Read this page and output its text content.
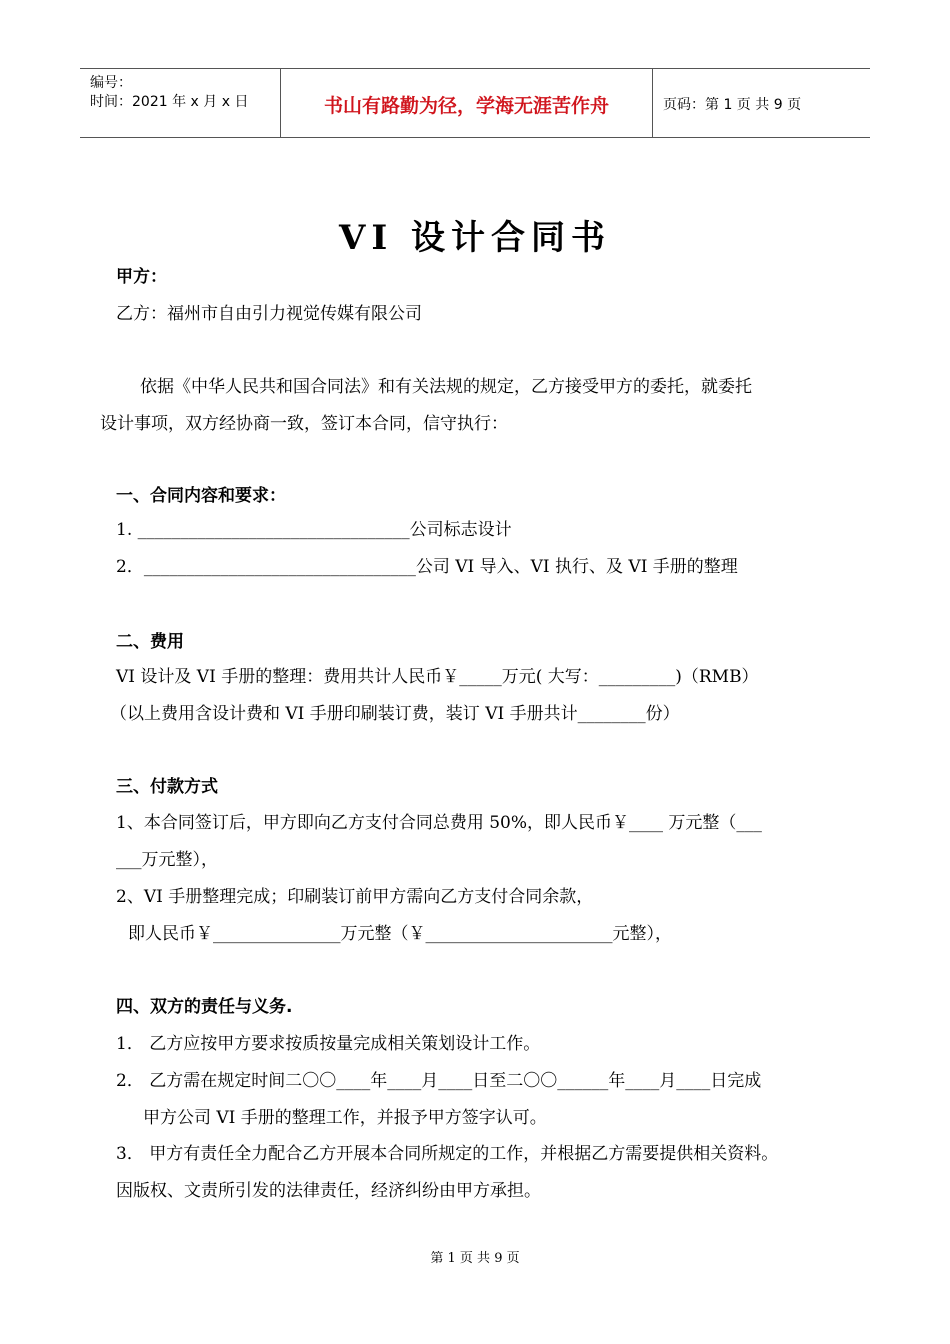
编号：
时间：2021 年 x 月 x 日	书山有路勤为径，学海无涯苦作舟	页码：第 1 页 共 9 页
VI 设计合同书
甲方：
乙方：福州市自由引力视觉传媒有限公司
依据《中华人民共和国合同法》和有关法规的规定，乙方接受甲方的委托，就委托
设计事项，双方经协商一致，签订本合同，信守执行：
一、合同内容和要求：
1. ________________________________公司标志设计
2．________________________________公司 VI 导入、VI 执行、及 VI 手册的整理
二、费用
VI 设计及 VI 手册的整理：费用共计人民币￥_____万元( 大写：_________)（RMB）
（以上费用含设计费和 VI 手册印刷装订费，装订 VI 手册共计________份）
三、付款方式
1、本合同签订后，甲方即向乙方支付合同总费用 50%，即人民币￥____ 万元整（___
___万元整），
2、VI 手册整理完成；印刷装订前甲方需向乙方支付合同余款，
即人民币￥_______________万元整（￥______________________元整），
四、双方的责任与义务.
1． 乙方应按甲方要求按质按量完成相关策划设计工作。
2． 乙方需在规定时间二〇〇____年____月____日至二〇〇______年____月____日完成
甲方公司 VI 手册的整理工作，并报予甲方签字认可。
3． 甲方有责任全力配合乙方开展本合同所规定的工作，并根据乙方需要提供相关资料。
因版权、文责所引发的法律责任，经济纠纷由甲方承担。
第 1 页 共 9 页
